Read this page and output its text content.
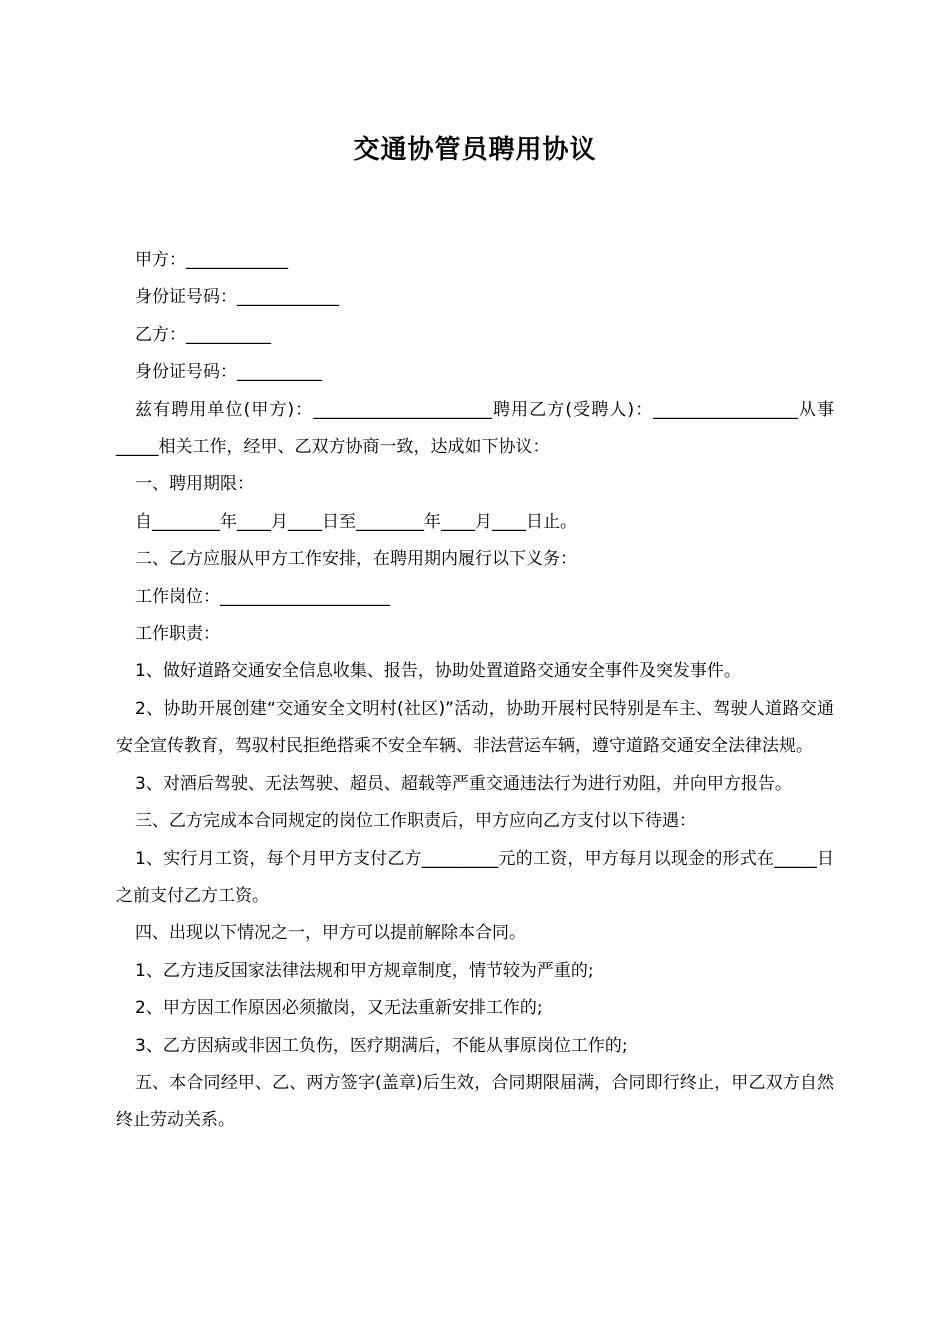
交通协管员聘用协议

甲方：____________

身份证号码：____________

乙方：__________

身份证号码：__________

兹有聘用单位(甲方)：_____________________聘用乙方(受聘人)：_________________从事_____相关工作，经甲、乙双方协商一致，达成如下协议：

一、聘用期限：

自________年____月____日至________年____月____日止。

二、乙方应服从甲方工作安排，在聘用期内履行以下义务：

工作岗位：____________________

工作职责：

1、做好道路交通安全信息收集、报告，协助处置道路交通安全事件及突发事件。

2、协助开展创建“交通安全文明村(社区)”活动，协助开展村民特别是车主、驾驶人道路交通安全宣传教育，驾驭村民拒绝搭乘不安全车辆、非法营运车辆，遵守道路交通安全法律法规。

3、对酒后驾驶、无法驾驶、超员、超载等严重交通违法行为进行劝阻，并向甲方报告。

三、乙方完成本合同规定的岗位工作职责后，甲方应向乙方支付以下待遇：

1、实行月工资，每个月甲方支付乙方_________元的工资，甲方每月以现金的形式在_____日之前支付乙方工资。

四、出现以下情况之一，甲方可以提前解除本合同。

1、乙方违反国家法律法规和甲方规章制度，情节较为严重的;

2、甲方因工作原因必须撤岗，又无法重新安排工作的;

3、乙方因病或非因工负伤，医疗期满后，不能从事原岗位工作的;

五、本合同经甲、乙、两方签字(盖章)后生效，合同期限届满，合同即行终止，甲乙双方自然终止劳动关系。
